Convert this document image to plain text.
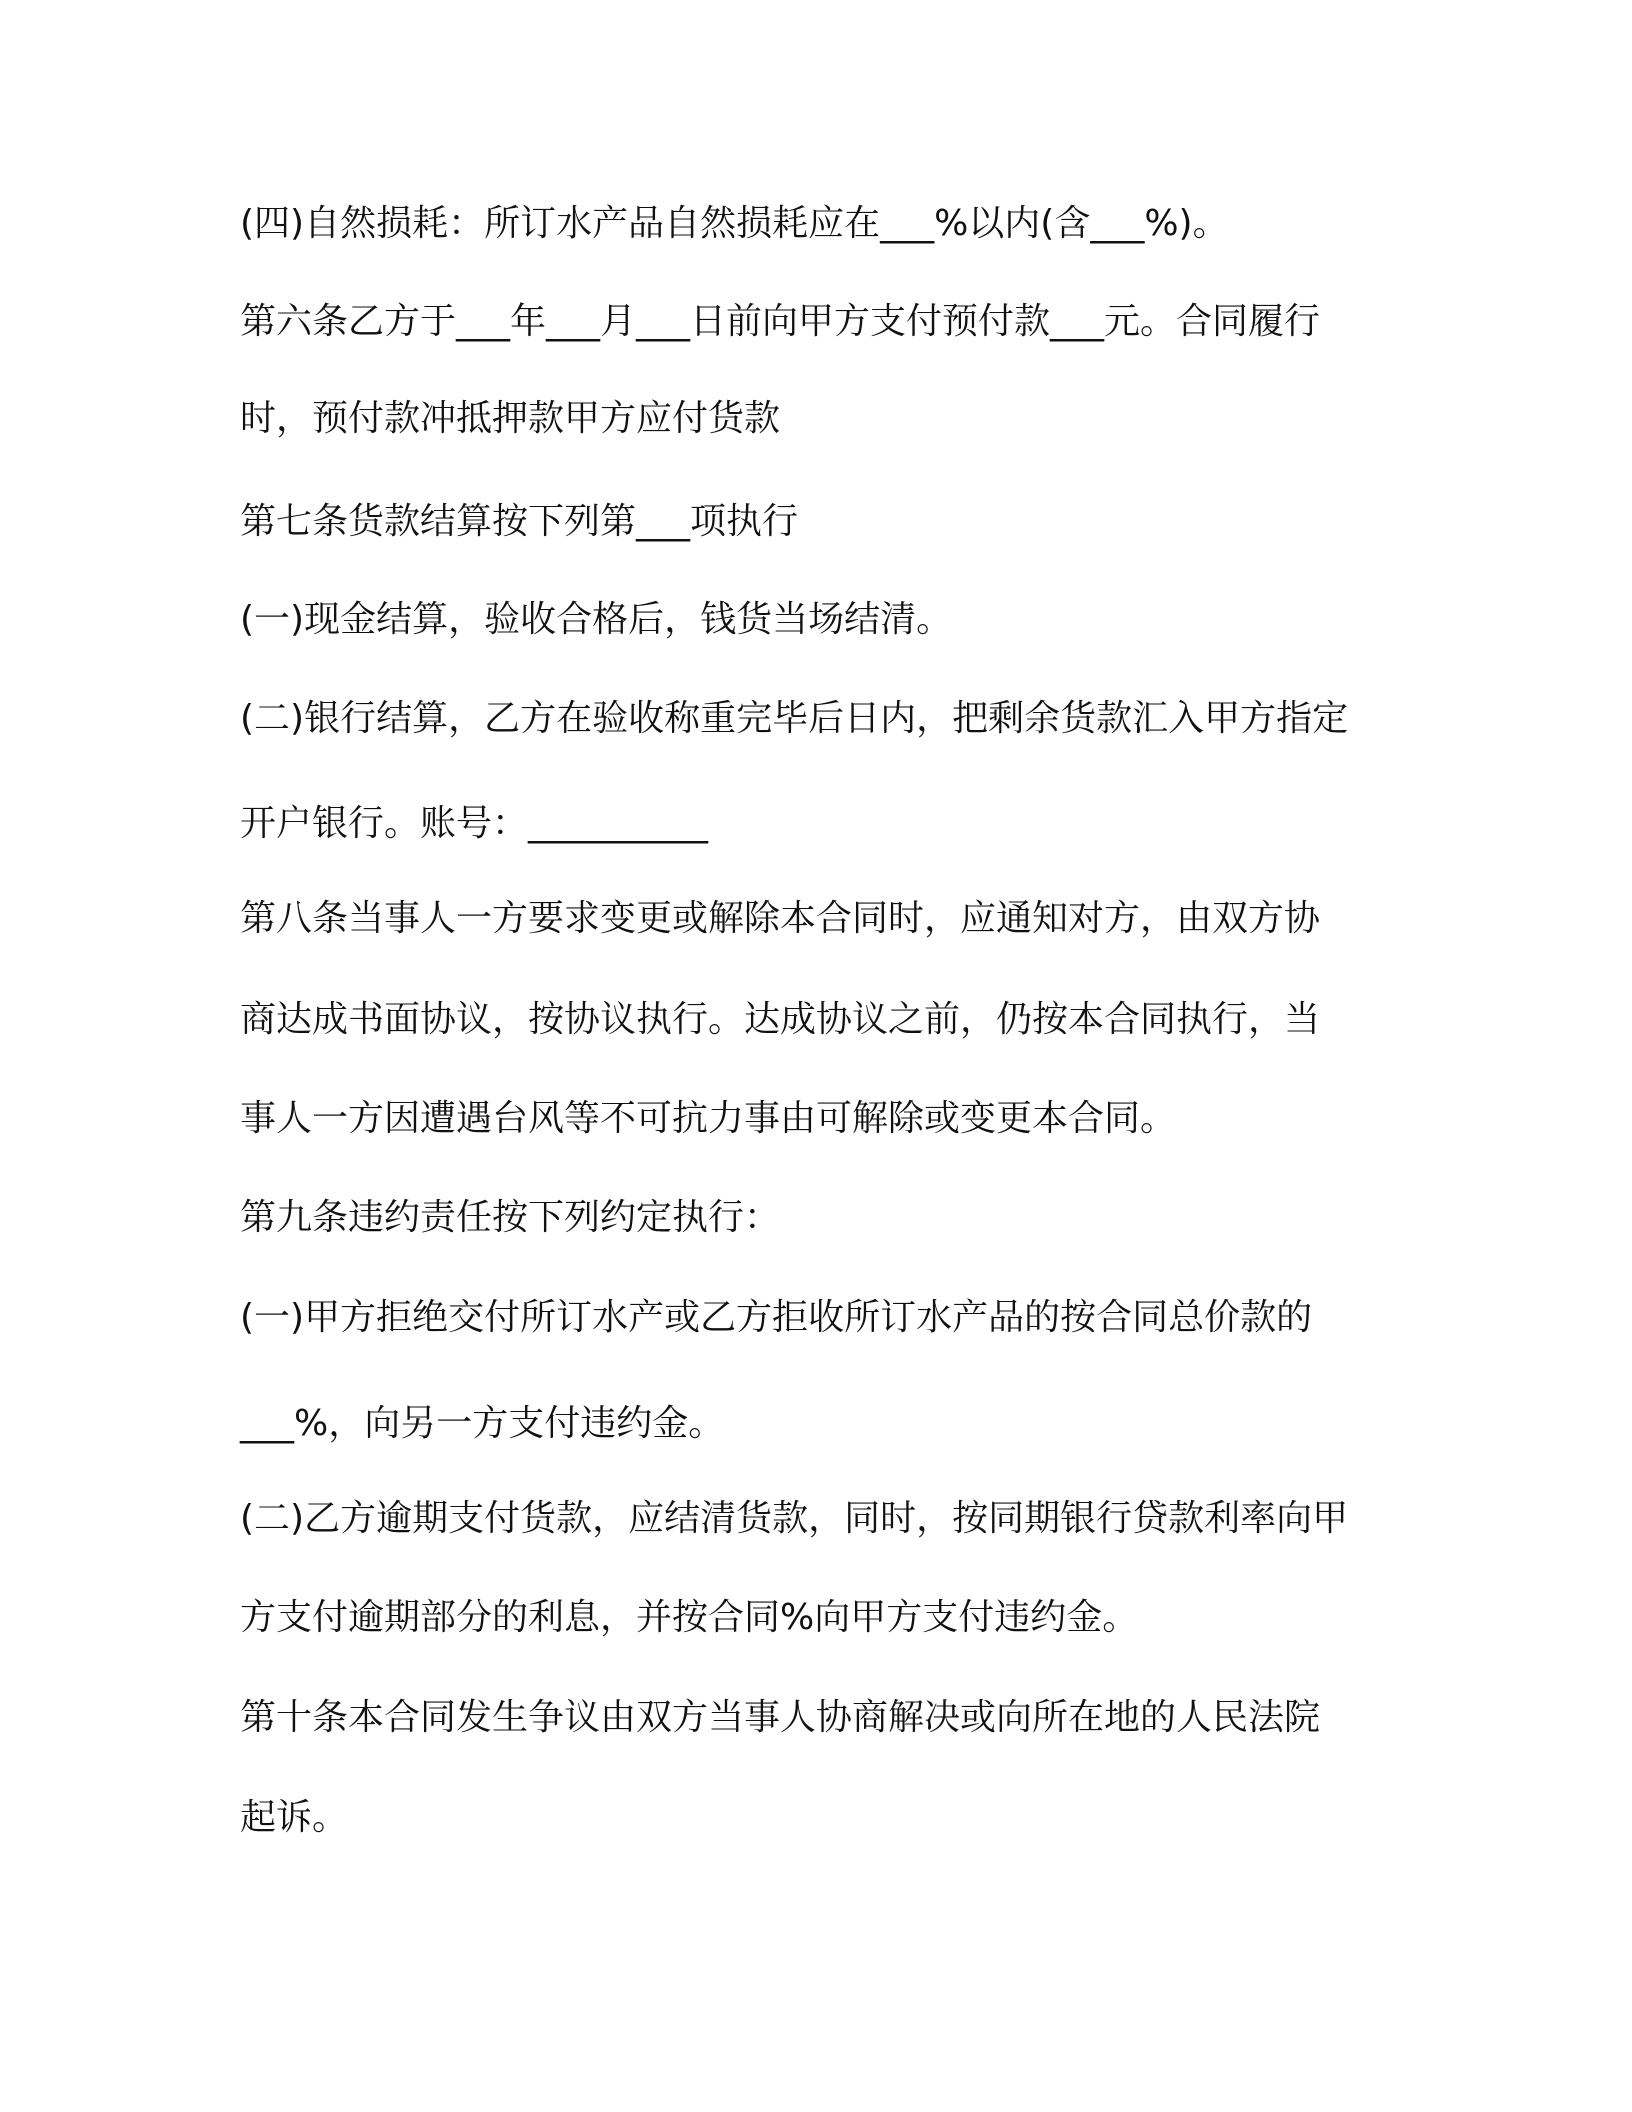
(四)自然损耗：所订水产品自然损耗应在___%以内(含___%)。
第六条乙方于___年___月___日前向甲方支付预付款___元。合同履行
时，预付款冲抵押款甲方应付货款
第七条货款结算按下列第___项执行
(一)现金结算，验收合格后，钱货当场结清。
(二)银行结算，乙方在验收称重完毕后日内，把剩余货款汇入甲方指定
开户银行。账号：__________
第八条当事人一方要求变更或解除本合同时，应通知对方，由双方协
商达成书面协议，按协议执行。达成协议之前，仍按本合同执行，当
事人一方因遭遇台风等不可抗力事由可解除或变更本合同。
第九条违约责任按下列约定执行：
(一)甲方拒绝交付所订水产或乙方拒收所订水产品的按合同总价款的
___%，向另一方支付违约金。
(二)乙方逾期支付货款，应结清货款，同时，按同期银行贷款利率向甲
方支付逾期部分的利息，并按合同%向甲方支付违约金。
第十条本合同发生争议由双方当事人协商解决或向所在地的人民法院
起诉。
